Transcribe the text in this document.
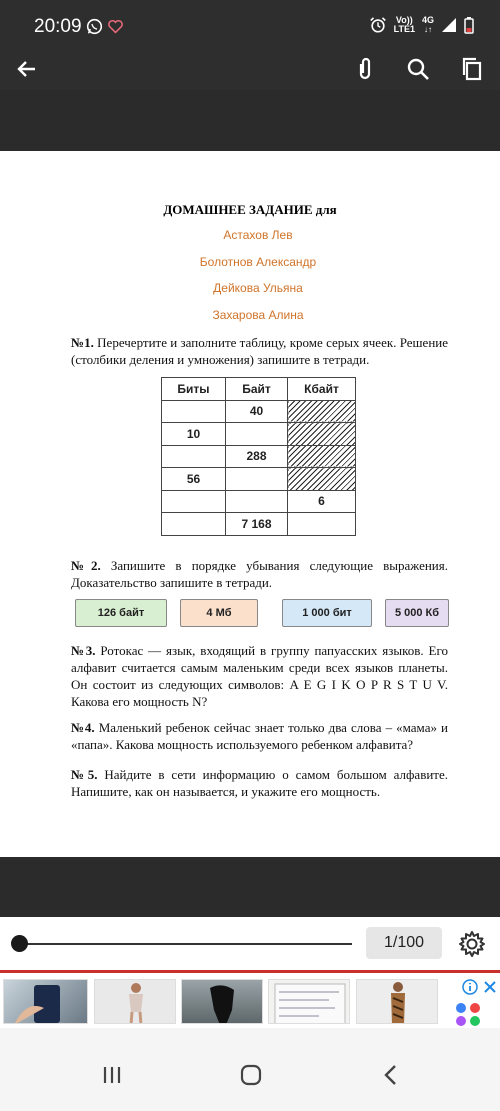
20:09	Vo))
LTE1
4G
↓↑
ДОМАШНЕЕ ЗАДАНИЕ для
Астахов Лев
Болотнов Александр
Дейкова Ульяна
Захарова Алина
№1. Перечертите и заполните таблицу, кроме серых ячеек. Решение (столбики деления и умножения) запишите в тетради.
Биты	Байт	Кбайт
	40	
10		
	288	
56		
		6
	7 168	
№2. Запишите в порядке убывания следующие выражения. Доказательство запишите в тетради.
126 байт	4 Мб	1 000 бит	5 000 Кб
№3. Ротокас — язык, входящий в группу папуасских языков. Его алфавит считается самым маленьким среди всех языков планеты. Он состоит из следующих символов: A E G I K O P R S T U V. Какова его мощность N?
№4. Маленький ребенок сейчас знает только два слова – «мама» и «папа». Какова мощность используемого ребенком алфавита?
№5. Найдите в сети информацию о самом большом алфавите. Напишите, как он называется, и укажите его мощность.
1/100
